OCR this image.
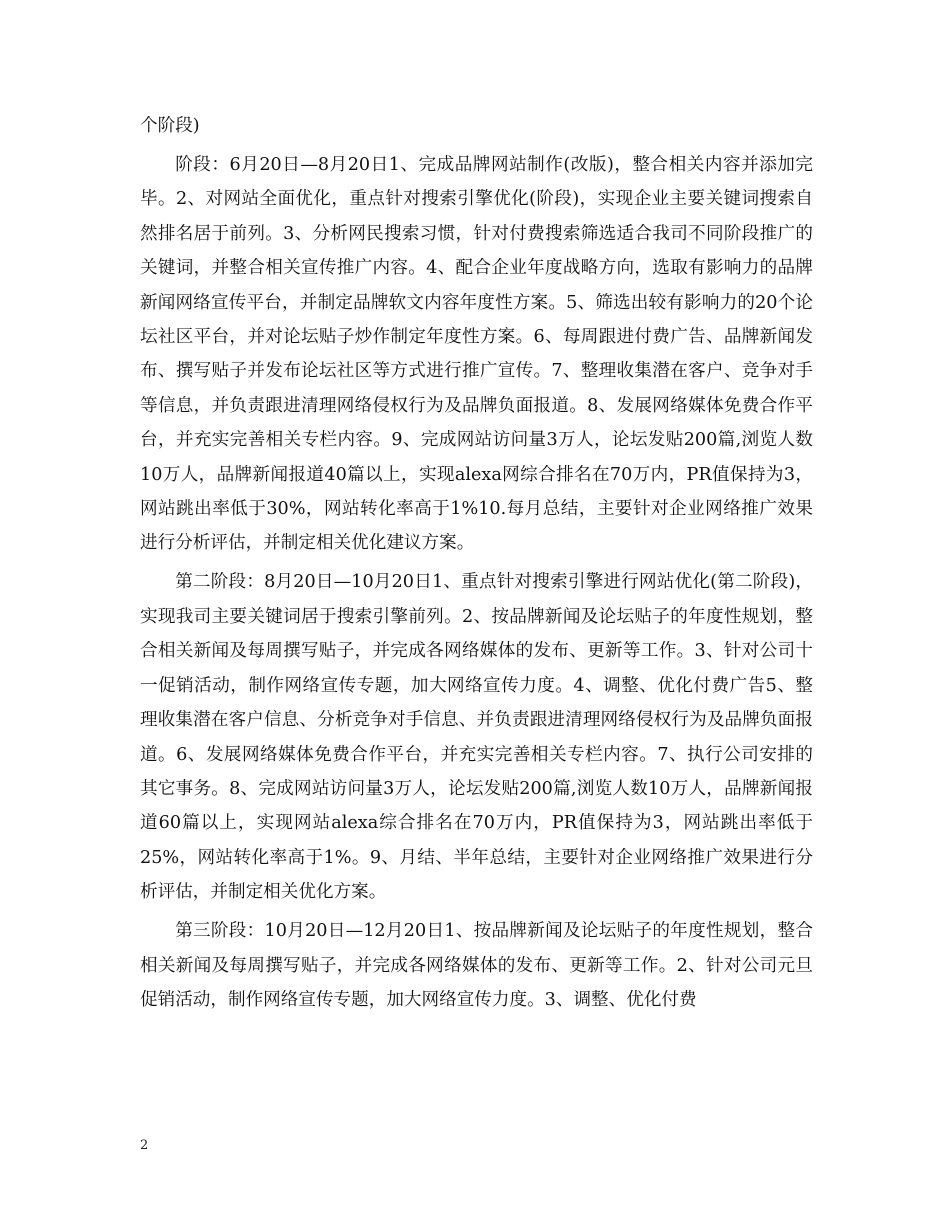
个阶段)

阶段：6月20日—8月20日1、完成品牌网站制作(改版)，整合相关内容并添加完毕。2、对网站全面优化，重点针对搜索引擎优化(阶段)，实现企业主要关键词搜索自然排名居于前列。3、分析网民搜索习惯，针对付费搜索筛选适合我司不同阶段推广的关键词，并整合相关宣传推广内容。4、配合企业年度战略方向，选取有影响力的品牌新闻网络宣传平台，并制定品牌软文内容年度性方案。5、筛选出较有影响力的20个论坛社区平台，并对论坛贴子炒作制定年度性方案。6、每周跟进付费广告、品牌新闻发布、撰写贴子并发布论坛社区等方式进行推广宣传。7、整理收集潜在客户、竞争对手等信息，并负责跟进清理网络侵权行为及品牌负面报道。8、发展网络媒体免费合作平台，并充实完善相关专栏内容。9、完成网站访问量3万人，论坛发贴200篇,浏览人数10万人，品牌新闻报道40篇以上，实现alexa网综合排名在70万内，PR值保持为3，网站跳出率低于30%，网站转化率高于1%10.每月总结，主要针对企业网络推广效果进行分析评估，并制定相关优化建议方案。

第二阶段：8月20日—10月20日1、重点针对搜索引擎进行网站优化(第二阶段)，实现我司主要关键词居于搜索引擎前列。2、按品牌新闻及论坛贴子的年度性规划，整合相关新闻及每周撰写贴子，并完成各网络媒体的发布、更新等工作。3、针对公司十一促销活动，制作网络宣传专题，加大网络宣传力度。4、调整、优化付费广告5、整理收集潜在客户信息、分析竞争对手信息、并负责跟进清理网络侵权行为及品牌负面报道。6、发展网络媒体免费合作平台，并充实完善相关专栏内容。7、执行公司安排的其它事务。8、完成网站访问量3万人，论坛发贴200篇,浏览人数10万人，品牌新闻报道60篇以上，实现网站alexa综合排名在70万内，PR值保持为3，网站跳出率低于25%，网站转化率高于1%。9、月结、半年总结，主要针对企业网络推广效果进行分析评估，并制定相关优化方案。

第三阶段：10月20日—12月20日1、按品牌新闻及论坛贴子的年度性规划，整合相关新闻及每周撰写贴子，并完成各网络媒体的发布、更新等工作。2、针对公司元旦促销活动，制作网络宣传专题，加大网络宣传力度。3、调整、优化付费

2
